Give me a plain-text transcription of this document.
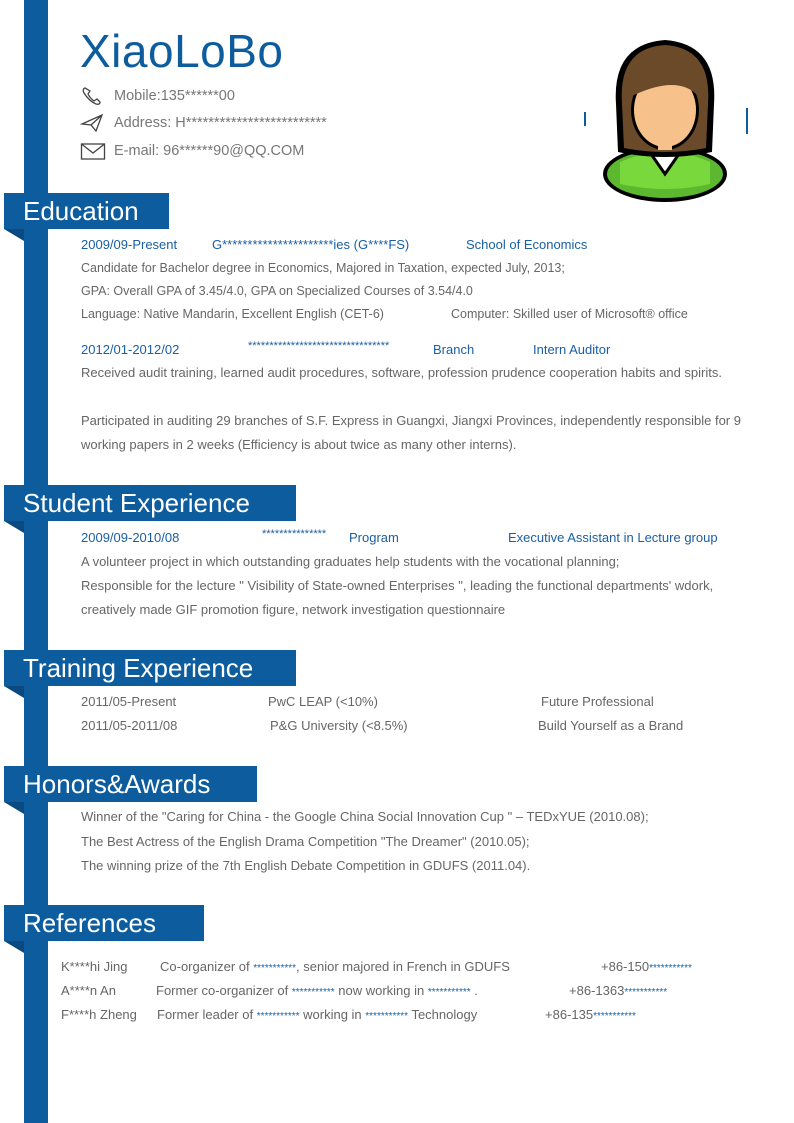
XiaoLoBo
Mobile:135******00
Address: H*************************
E-mail: 96******90@QQ.COM
Education
2009/09-Present	G**********************ies (G****FS)	School of Economics
Candidate for Bachelor degree in Economics, Majored in Taxation, expected July, 2013;
GPA: Overall GPA of 3.45/4.0, GPA on Specialized Courses of 3.54/4.0
Language: Native Mandarin, Excellent English (CET-6)	Computer: Skilled user of Microsoft® office
2012/01-2012/02	*********************************	Branch	Intern Auditor
Received audit training, learned audit procedures, software, profession prudence cooperation habits and spirits.
Participated in auditing 29 branches of S.F. Express in Guangxi, Jiangxi Provinces, independently responsible for 9 working papers in 2 weeks (Efficiency is about twice as many other interns).
Student Experience
2009/09-2010/08	*************** Program	Executive Assistant in Lecture group
A volunteer project in which outstanding graduates help students with the vocational planning;
Responsible for the lecture " Visibility of State-owned Enterprises ", leading the functional departments' wdork,
creatively made GIF promotion figure, network investigation questionnaire
Training Experience
2011/05-Present	PwC LEAP (<10%)	Future Professional
2011/05-2011/08	P&G University (<8.5%)	Build Yourself as a Brand
Honors&Awards
Winner of the "Caring for China - the Google China Social Innovation Cup " – TEDxYUE (2010.08);
The Best Actress of the English Drama Competition "The Dreamer" (2010.05);
The winning prize of the 7th English Debate Competition in GDUFS (2011.04).
References
K****hi Jing	Co-organizer of ***********, senior majored in French in GDUFS	+86-150***********
A****n An	Former co-organizer of *********** now working in *********** .	+86-1363***********
F****h Zheng Former leader of *********** working in *********** Technology	+86-135***********
